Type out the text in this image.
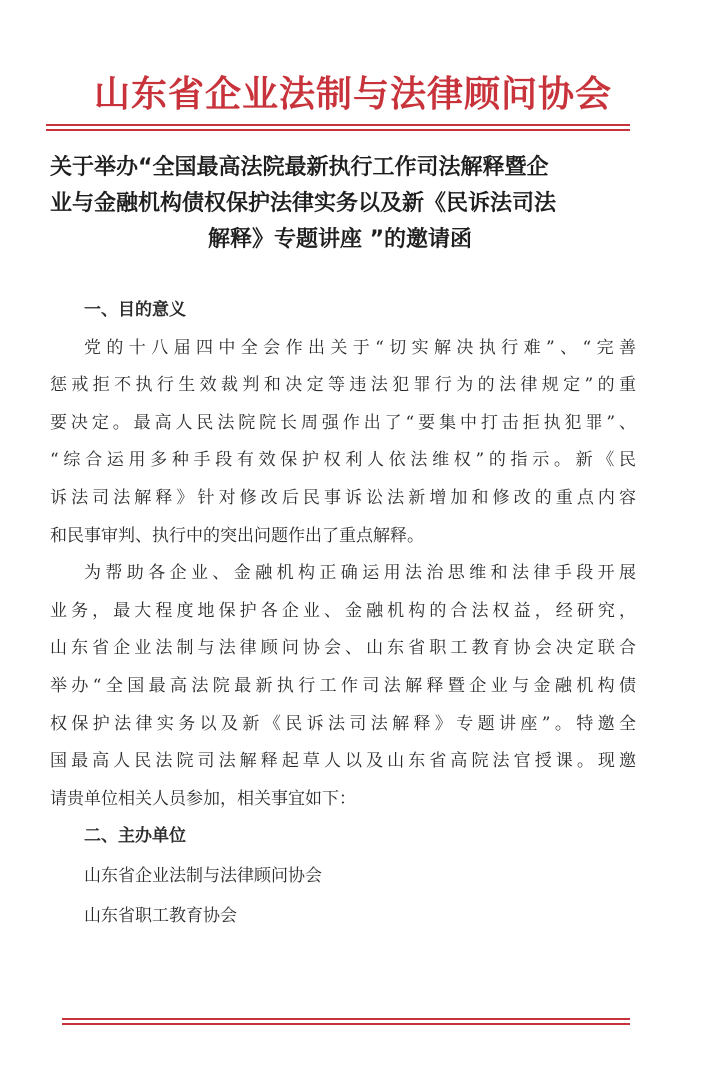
山东省企业法制与法律顾问协会
关于举办“全国最高法院最新执行工作司法解释暨企
业与金融机构债权保护法律实务以及新《民诉法司法
解释》专题讲座 ”的邀请函
一、目的意义
党的十八届四中全会作出关于“切实解决执行难”、“完善
惩戒拒不执行生效裁判和决定等违法犯罪行为的法律规定”的重
要决定。最高人民法院院长周强作出了“要集中打击拒执犯罪”、
“综合运用多种手段有效保护权利人依法维权”的指示。新《民
诉法司法解释》针对修改后民事诉讼法新增加和修改的重点内容
和民事审判、执行中的突出问题作出了重点解释。
为帮助各企业、金融机构正确运用法治思维和法律手段开展
业务，最大程度地保护各企业、金融机构的合法权益，经研究，
山东省企业法制与法律顾问协会、山东省职工教育协会决定联合
举办“全国最高法院最新执行工作司法解释暨企业与金融机构债
权保护法律实务以及新《民诉法司法解释》专题讲座”。特邀全
国最高人民法院司法解释起草人以及山东省高院法官授课。现邀
请贵单位相关人员参加，相关事宜如下：
二、主办单位
山东省企业法制与法律顾问协会
山东省职工教育协会
